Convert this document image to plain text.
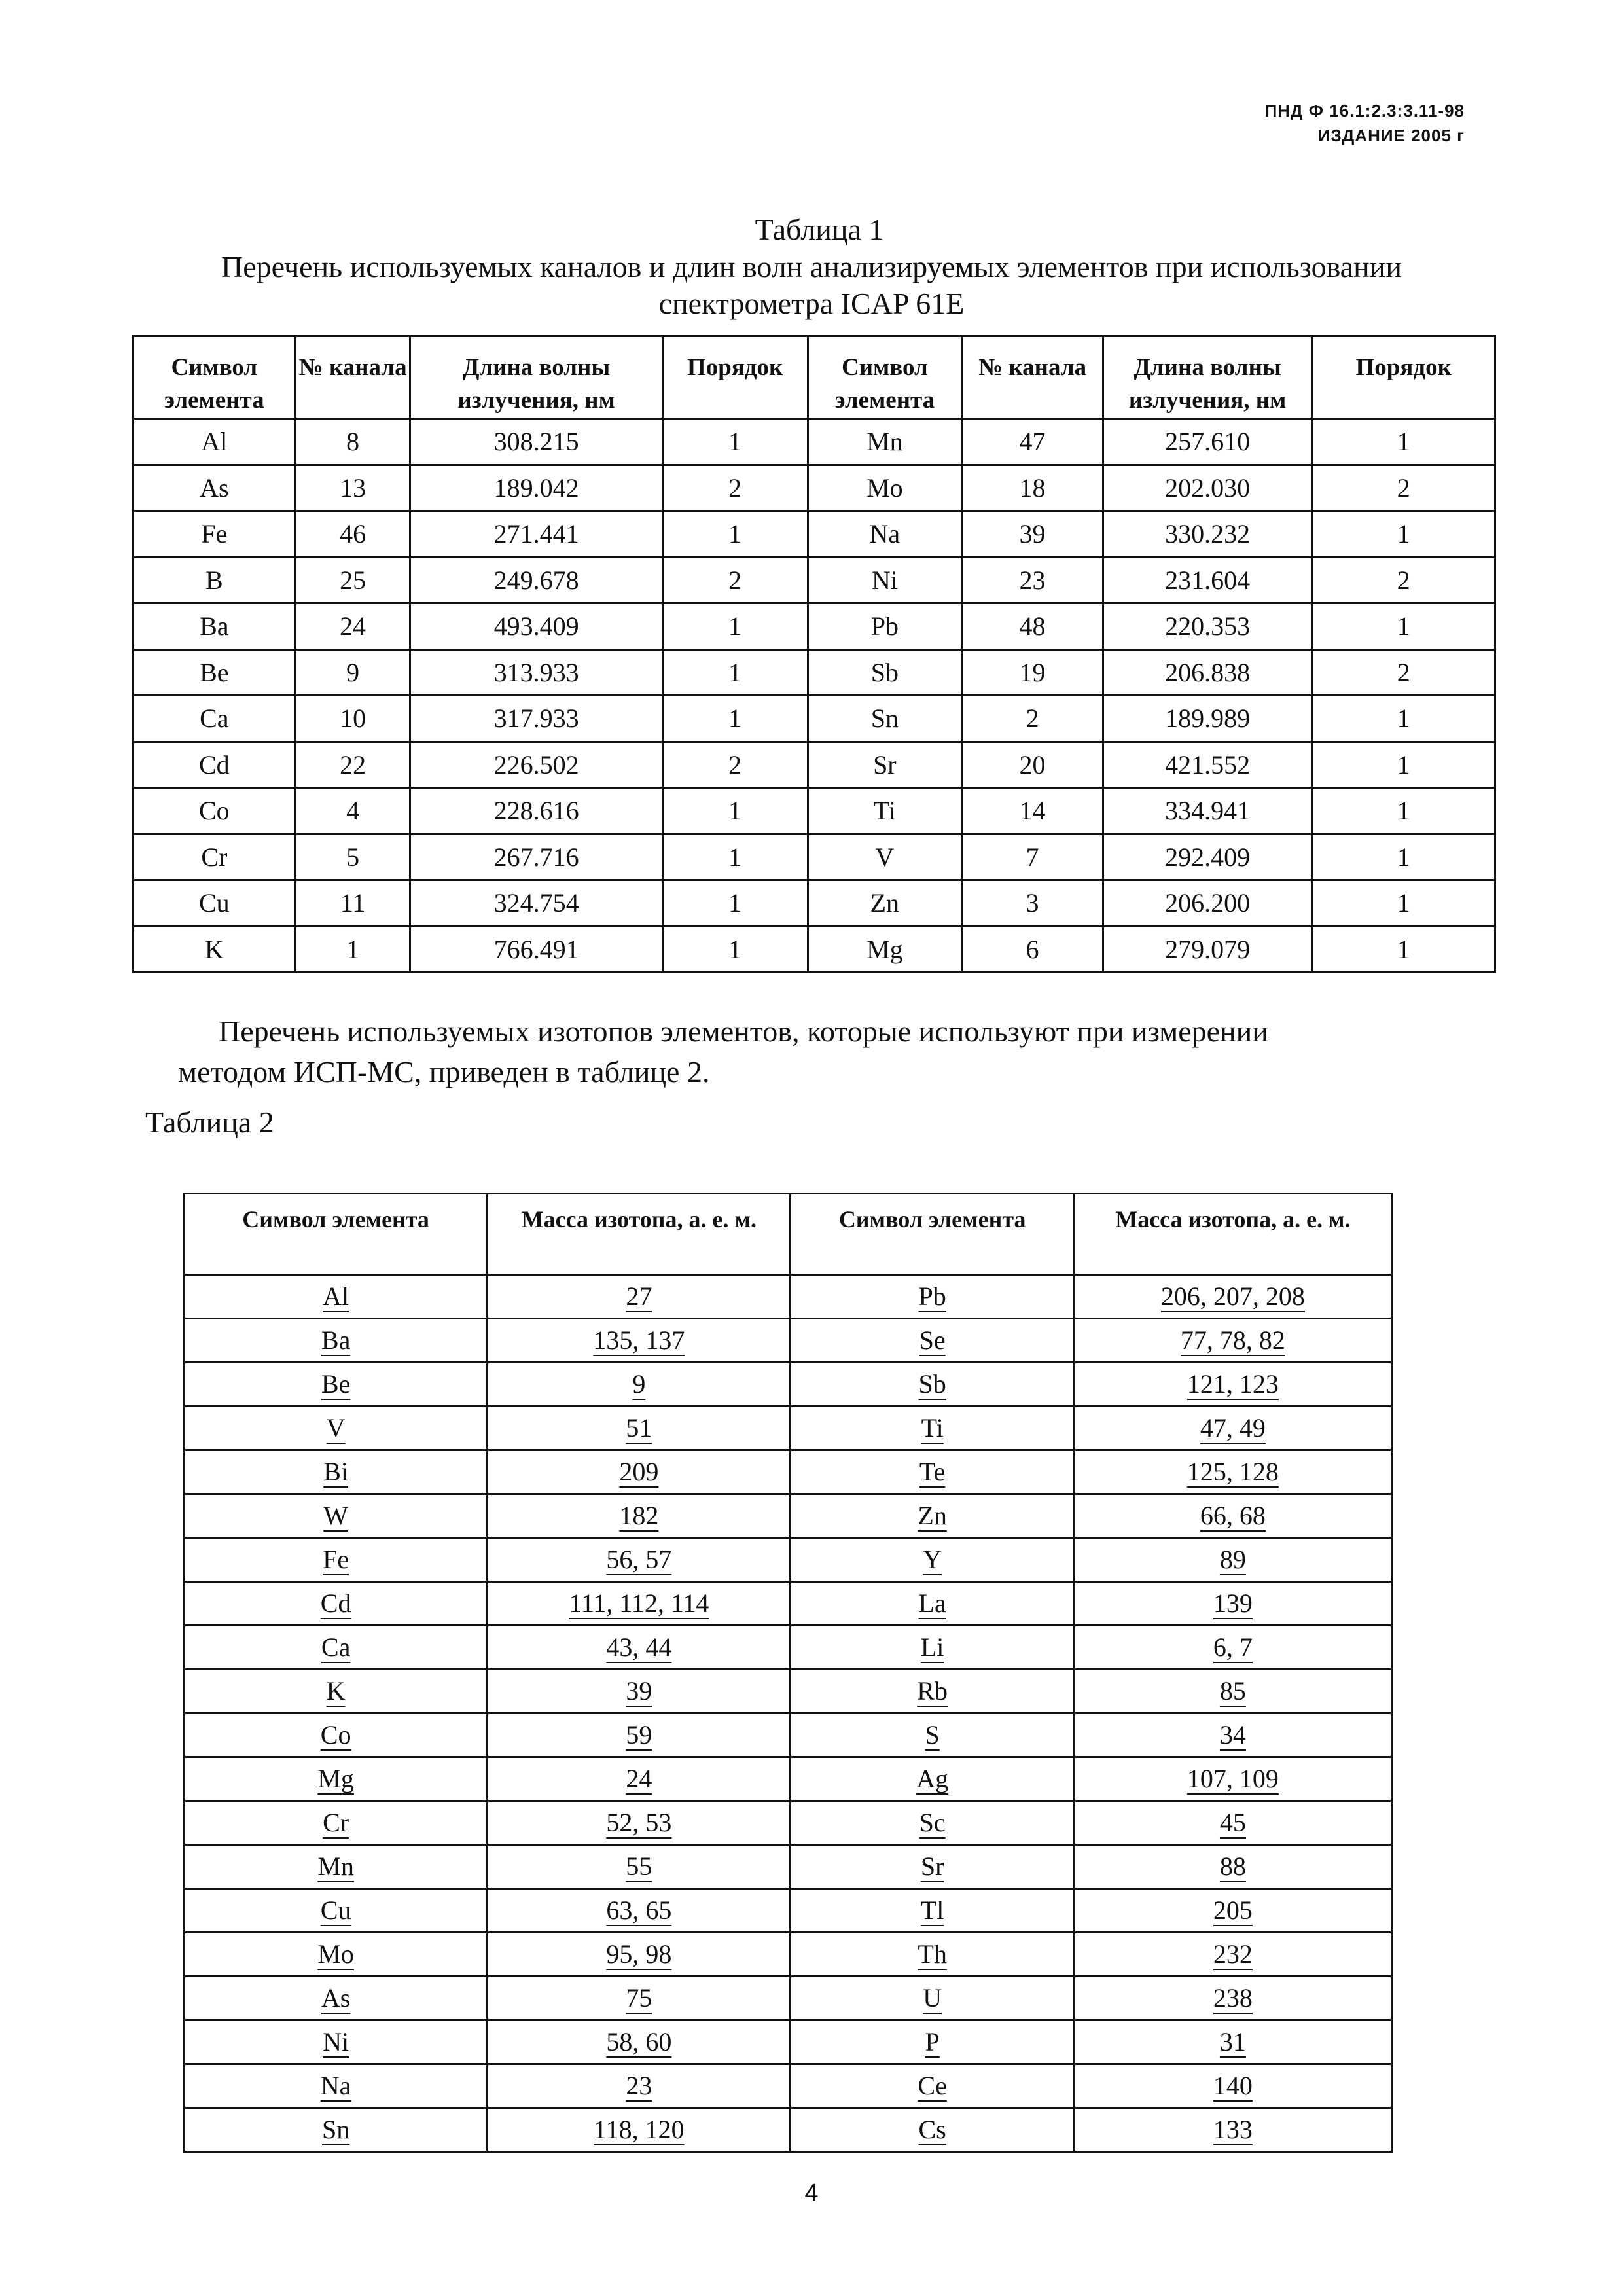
ПНД Ф 16.1:2.3:3.11-98
ИЗДАНИЕ 2005 г
Таблица 1
Перечень используемых каналов и длин волн анализируемых элементов при использовании спектрометра ICAP 61E
Символ элемента	№ канала	Длина волны излучения, нм	Порядок	Символ элемента	№ канала	Длина волны излучения, нм	Порядок
Al	8	308.215	1	Mn	47	257.610	1
As	13	189.042	2	Mo	18	202.030	2
Fe	46	271.441	1	Na	39	330.232	1
B	25	249.678	2	Ni	23	231.604	2
Ba	24	493.409	1	Pb	48	220.353	1
Be	9	313.933	1	Sb	19	206.838	2
Ca	10	317.933	1	Sn	2	189.989	1
Cd	22	226.502	2	Sr	20	421.552	1
Co	4	228.616	1	Ti	14	334.941	1
Cr	5	267.716	1	V	7	292.409	1
Cu	11	324.754	1	Zn	3	206.200	1
K	1	766.491	1	Mg	6	279.079	1
Перечень используемых изотопов элементов, которые используют при измерении
методом ИСП-МС, приведен в таблице 2.
Таблица 2
Символ элемента	Масса изотопа, а. е. м.	Символ элемента	Масса изотопа, а. е. м.
Al	27	Pb	206, 207, 208
Ba	135, 137	Se	77, 78, 82
Be	9	Sb	121, 123
V	51	Ti	47, 49
Bi	209	Te	125, 128
W	182	Zn	66, 68
Fe	56, 57	Y	89
Cd	111, 112, 114	La	139
Ca	43, 44	Li	6, 7
K	39	Rb	85
Co	59	S	34
Mg	24	Ag	107, 109
Cr	52, 53	Sc	45
Mn	55	Sr	88
Cu	63, 65	Tl	205
Mo	95, 98	Th	232
As	75	U	238
Ni	58, 60	P	31
Na	23	Ce	140
Sn	118, 120	Cs	133
4
